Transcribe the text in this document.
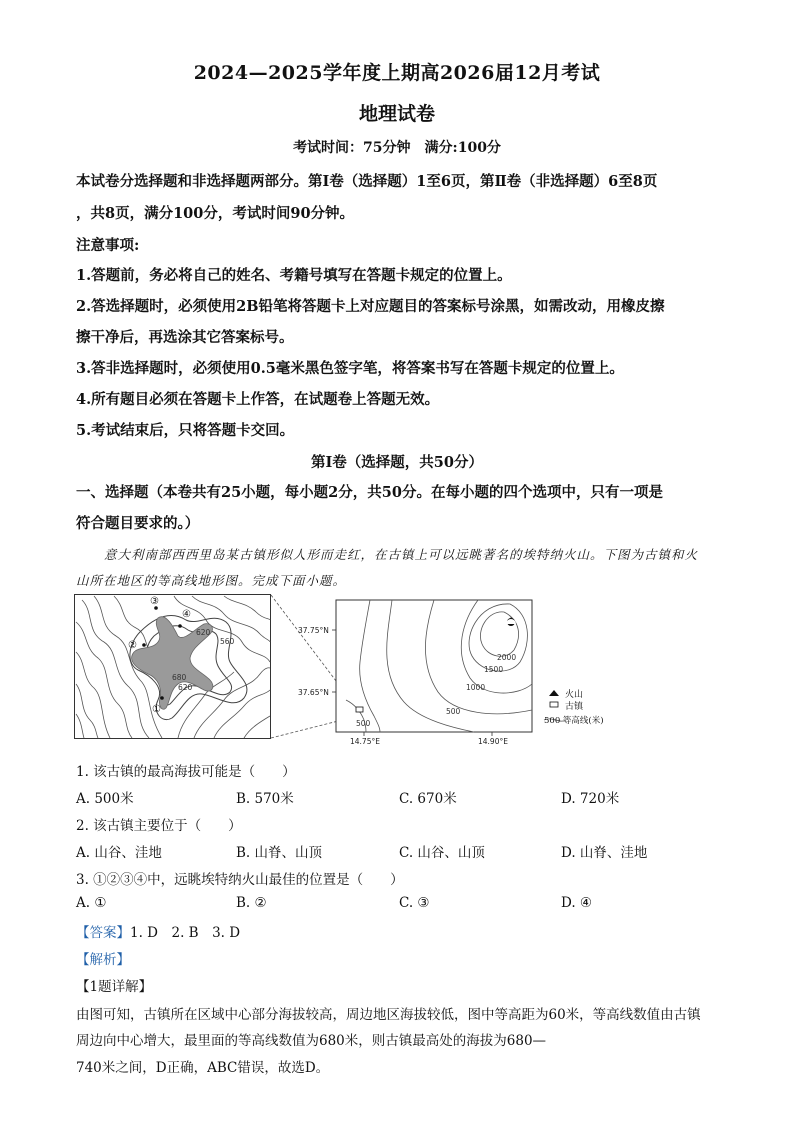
2024—2025学年度上期高2026届12月考试
地理试卷
考试时间：75分钟　满分:100分
本试卷分选择题和非选择题两部分。第Ⅰ卷（选择题）1至6页，第Ⅱ卷（非选择题）6至8页
，共8页，满分100分，考试时间90分钟。
注意事项:
1.答题前，务必将自己的姓名、考籍号填写在答题卡规定的位置上。
2.答选择题时，必须使用2B铅笔将答题卡上对应题目的答案标号涂黑，如需改动，用橡皮擦
擦干净后，再选涂其它答案标号。
3.答非选择题时，必须使用0.5毫米黑色签字笔，将答案书写在答题卡规定的位置上。
4.所有题目必须在答题卡上作答，在试题卷上答题无效。
5.考试结束后，只将答题卡交回。
第Ⅰ卷（选择题，共50分）
一、选择题（本卷共有25小题，每小题2分，共50分。在每小题的四个选项中，只有一项是
符合题目要求的。）
意大利南部西西里岛某古镇形似人形而走红，在古镇上可以远眺著名的埃特纳火山。下图为古镇和火
山所在地区的等高线地形图。完成下面小题。
③
④
②
①
620
560
680
620
2000
1500
1000
500
500
37.75°N
37.65°N
14.75°E	14.90°E
火山
古镇
500 等高线(米)
1. 该古镇的最高海拔可能是（　　）
A. 500米	B. 570米	C. 670米	D. 720米
2. 该古镇主要位于（　　）
A. 山谷、洼地	B. 山脊、山顶	C. 山谷、山顶	D. 山脊、洼地
3. ①②③④中，远眺埃特纳火山最佳的位置是（　　）
A. ①	B. ②	C. ③	D. ④
【答案】1. D　2. B　3. D
【解析】
【1题详解】
由图可知，古镇所在区域中心部分海拔较高，周边地区海拔较低，图中等高距为60米，等高线数值由古镇
周边向中心增大，最里面的等高线数值为680米，则古镇最高处的海拔为680—
740米之间，D正确，ABC错误，故选D。
